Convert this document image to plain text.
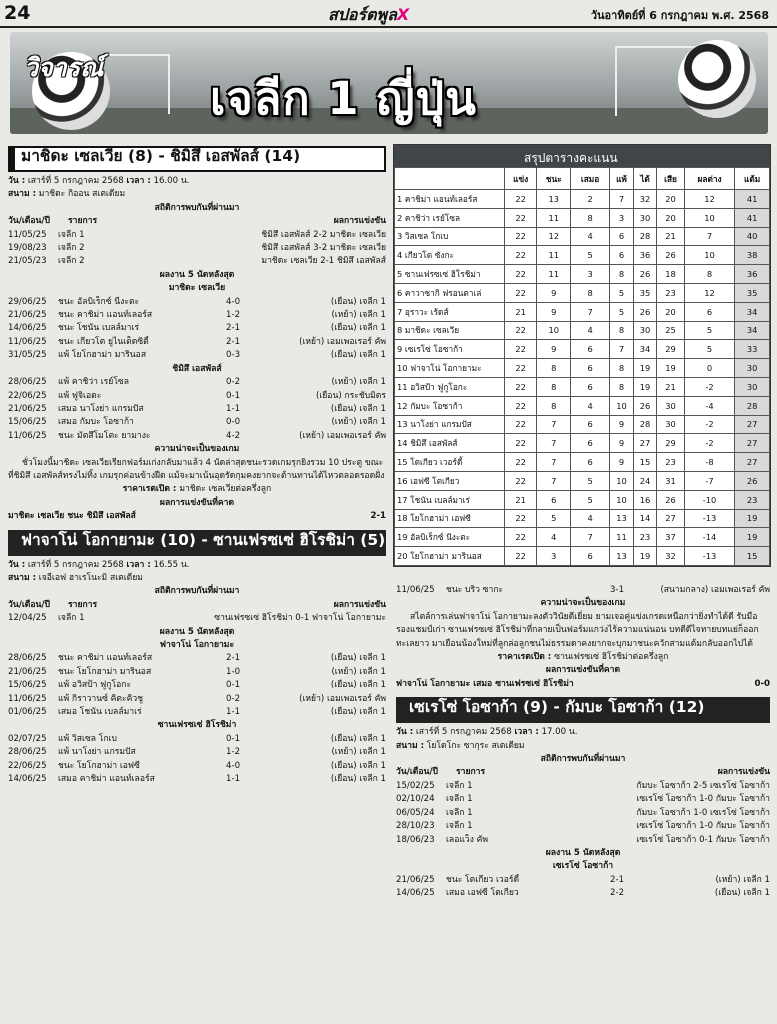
24	สปอร์ตพูลX	วันอาทิตย์ที่ 6 กรกฎาคม พ.ศ. 2568
วิจารณ์
เจลีก 1 ญี่ปุ่น
มาชิดะ เซลเวีย (8) - ชิมิสึ เอสพัลส์ (14)
วัน : เสาร์ที่ 5 กรกฎาคม 2568 เวลา : 16.00 น.
สนาม : มาชิดะ กิออน สเตเดียม
สถิติการพบกันที่ผ่านมา
วัน/เดือน/ปี	รายการ	ผลการแข่งขัน
11/05/25	เจลีก 1	ชิมิสึ เอสพัลส์ 2-2 มาชิดะ เซลเวีย
19/08/23	เจลีก 2	ชิมิสึ เอสพัลส์ 3-2 มาชิดะ เซลเวีย
21/05/23	เจลีก 2	มาชิดะ เซลเวีย 2-1 ชิมิสึ เอสพัลส์
ผลงาน 5 นัดหลังสุด
มาชิดะ เซลเวีย
29/06/25	ชนะ อัลบิเร็กซ์ นีงะตะ	4-0	(เยือน) เจลีก 1
21/06/25	ชนะ คาชิม่า แอนท์เลอร์ส	1-2	(เหย้า) เจลีก 1
14/06/25	ชนะ โชนัน เบลล์มาเร่	2-1	(เยือน) เจลีก 1
11/06/25	ชนะ เกียวโต ยูไนเต็ดซิตี้	2-1	(เหย้า) เอมเพอเรอร์ คัพ
31/05/25	แพ้ โยโกฮาม่า มารินอส	0-3	(เยือน) เจลีก 1
ชิมิสึ เอสพัลส์
28/06/25	แพ้ คาชิว่า เรย์โซล	0-2	(เหย้า) เจลีก 1
22/06/25	แพ้ ฟูจิเอดะ	0-1	(เยือน) กระชับมิตร
21/06/25	เสมอ นาโงย่า แกรมปัส	1-1	(เยือน) เจลีก 1
15/06/25	เสมอ กัมบะ โอซาก้า	0-0	(เหย้า) เจลีก 1
11/06/25	ชนะ มัตสึโมโตะ ยามางะ	4-2	(เหย้า) เอมเพอเรอร์ คัพ
ความน่าจะเป็นของเกม
ชั่วโมงนี้มาชิดะ เซลเวียเรียกฟอร์มเก่งกลับมาแล้ว 4 นัดล่าสุดชนะรวดเกมรุกยิงรวม 10 ประตู ขณะที่ชิมิสึ เอสพัลส์ทรงไม่ทิ้ง เกมรุกค่อนข้างฝืด แม้จะมาเน้นอุดรัดกุมคงยากจะต้านทานได้ไหวตลอดรอดฝั่ง
ราคาเรตเปิด : มาชิดะ เซลเวียต่อครึ่งลูก
ผลการแข่งขันที่คาด
มาชิดะ เซลเวีย ชนะ ชิมิสึ เอสพัลส์	2-1
ฟาจาโน่ โอกายามะ (10) - ซานเฟรซเซ่ ฮิโรชิม่า (5)
วัน : เสาร์ที่ 5 กรกฎาคม 2568 เวลา : 16.55 น.
สนาม : เจอีเอฟ ฮาเรโนะมิ สเตเดียม
สถิติการพบกันที่ผ่านมา
วัน/เดือน/ปี	รายการ	ผลการแข่งขัน
12/04/25	เจลีก 1	ซานเฟรซเซ่ ฮิโรชิม่า 0-1 ฟาจาโน่ โอกายามะ
ผลงาน 5 นัดหลังสุด
ฟาจาโน่ โอกายามะ
28/06/25	ชนะ คาชิม่า แอนท์เลอร์ส	2-1	(เยือน) เจลีก 1
21/06/25	ชนะ โยโกฮาม่า มารินอส	1-0	(เหย้า) เจลีก 1
15/06/25	แพ้ อวิสป้า ฟูกูโอกะ	0-1	(เยือน) เจลีก 1
11/06/25	แพ้ กิราวานซ์ คิตะคิวชู	0-2	(เหย้า) เอมเพอเรอร์ คัพ
01/06/25	เสมอ โชนัน เบลล์มาเร่	1-1	(เยือน) เจลีก 1
ซานเฟรซเซ่ ฮิโรชิม่า
02/07/25	แพ้ วิสเซล โกเบ	0-1	(เยือน) เจลีก 1
28/06/25	แพ้ นาโงย่า แกรมปัส	1-2	(เหย้า) เจลีก 1
22/06/25	ชนะ โยโกฮาม่า เอฟซี	4-0	(เยือน) เจลีก 1
14/06/25	เสมอ คาชิม่า แอนท์เลอร์ส	1-1	(เยือน) เจลีก 1
สรุปตารางคะแนน
	แข่ง	ชนะ	เสมอ	แพ้	ได้	เสีย	ผลต่าง	แต้ม
1 คาชิม่า แอนท์เลอร์ส	22	13	2	7	32	20	12	41
2 คาชิว่า เรย์โซล	22	11	8	3	30	20	10	41
3 วิสเซล โกเบ	22	12	4	6	28	21	7	40
4 เกียวโต ซังกะ	22	11	5	6	36	26	10	38
5 ซานเฟรซเซ่ ฮิโรชิม่า	22	11	3	8	26	18	8	36
6 คาวาซากิ ฟรอนตาเล่	22	9	8	5	35	23	12	35
7 อุราวะ เร้ดส์	21	9	7	5	26	20	6	34
8 มาชิดะ เซลเวีย	22	10	4	8	30	25	5	34
9 เซเรโซ่ โอซาก้า	22	9	6	7	34	29	5	33
10 ฟาจาโน่ โอกายามะ	22	8	6	8	19	19	0	30
11 อวิสป้า ฟูกูโอกะ	22	8	6	8	19	21	-2	30
12 กัมบะ โอซาก้า	22	8	4	10	26	30	-4	28
13 นาโงย่า แกรมปัส	22	7	6	9	28	30	-2	27
14 ชิมิสึ เอสพัลส์	22	7	6	9	27	29	-2	27
15 โตเกียว เวอร์ดี้	22	7	6	9	15	23	-8	27
16 เอฟซี โตเกียว	22	7	5	10	24	31	-7	26
17 โชนัน เบลล์มาเร่	21	6	5	10	16	26	-10	23
18 โยโกฮาม่า เอฟซี	22	5	4	13	14	27	-13	19
19 อัลบิเร็กซ์ นีงะตะ	22	4	7	11	23	37	-14	19
20 โยโกฮาม่า มารินอส	22	3	6	13	19	32	-13	15
11/06/25	ชนะ บริว ซากะ	3-1	(สนามกลาง) เอมเพอเรอร์ คัพ
ความน่าจะเป็นของเกม
สไตล์การเล่นฟาจาโน่ โอกายามะลงตัววินัยดีเยี่ยม ยามเจอคู่แข่งเกรดเหนือกว่ายิ่งทำได้ดี รับมือรองแชมป์เก่า ซานเฟรซเซ่ ฮิโรชิม่าที่กลายเป็นฟอร์มแกว่งไร้ความแน่นอน บทดีดีไจทายบทแย่ก็ออกทะเลยาว มาเยือนน้องใหม่ที่ลูกล่อลูกชนไม่ธรรมดาคงยากจะบุกมาชนะควักสามแต้มกลับออกไปได้
ราคาเรตเปิด : ซานเฟรซเซ่ ฮิโรชิม่าต่อครึ่งลูก
ผลการแข่งขันที่คาด
ฟาจาโน่ โอกายามะ เสมอ ซานเฟรซเซ่ ฮิโรชิม่า	0-0
เซเรโซ่ โอซาก้า (9) - กัมบะ โอซาก้า (12)
วัน : เสาร์ที่ 5 กรกฎาคม 2568 เวลา : 17.00 น.
สนาม : โยโดโกะ ซากุระ สเตเดียม
สถิติการพบกันที่ผ่านมา
วัน/เดือน/ปี	รายการ	ผลการแข่งขัน
15/02/25	เจลีก 1	กัมบะ โอซาก้า 2-5 เซเรโซ่ โอซาก้า
02/10/24	เจลีก 1	เซเรโซ่ โอซาก้า 1-0 กัมบะ โอซาก้า
06/05/24	เจลีก 1	กัมบะ โอซาก้า 1-0 เซเรโซ่ โอซาก้า
28/10/23	เจลีก 1	เซเรโซ่ โอซาก้า 1-0 กัมบะ โอซาก้า
18/06/23	เลอแว็ง คัพ	เซเรโซ่ โอซาก้า 0-1 กัมบะ โอซาก้า
ผลงาน 5 นัดหลังสุด
เซเรโซ่ โอซาก้า
21/06/25	ชนะ โตเกียว เวอร์ดี้	2-1	(เหย้า) เจลีก 1
14/06/25	เสมอ เอฟซี โตเกียว	2-2	(เยือน) เจลีก 1
